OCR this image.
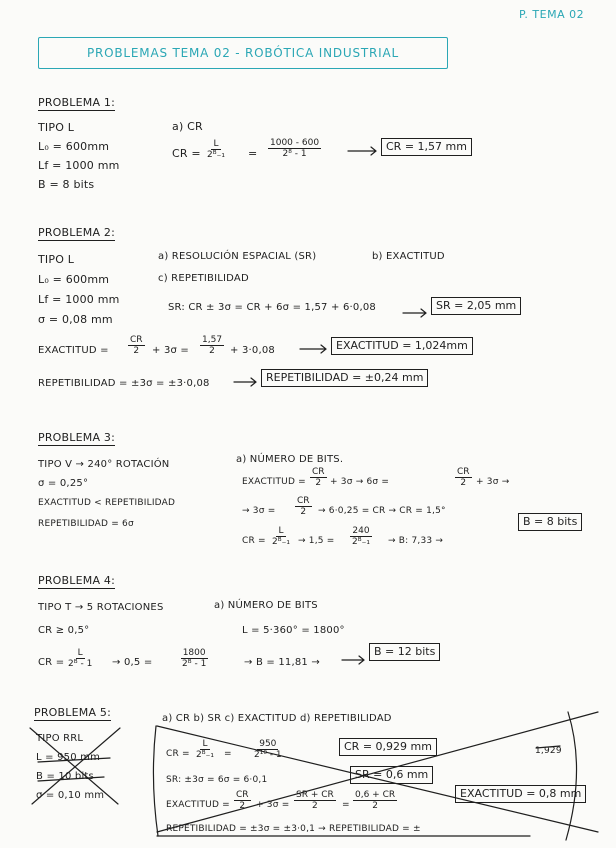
P. TEMA 02
PROBLEMAS TEMA 02 - ROBÓTICA INDUSTRIAL
PROBLEMA 1:
TIPO L
L₀ = 600mm
Lf = 1000 mm
B = 8 bits
a) CR
CR = $\frac{L}{\text{2ᴮ₋₁}} = \frac{1000 - 600}{\text{2⁸ - 1}}$	CR = 1,57 mm
PROBLEMA 2:
TIPO L
L₀ = 600mm
Lf = 1000 mm
σ = 0,08 mm
a) RESOLUCIÓN ESPACIAL (SR)	b) EXACTITUD
c) REPETIBILIDAD
SR: CR ± 3σ = CR + 6σ = 1,57 + 6·0,08	SR = 2,05 mm
EXACTITUD = $\frac{CR}{2} + 3\sigma = \frac{1,57}{2} + 3\cdot 0,08$	EXACTITUD = 1,024mm
REPETIBILIDAD = ±3σ = ±3·0,08	REPETIBILIDAD = ±0,24 mm
PROBLEMA 3:
TIPO V → 240° ROTACIÓN
σ = 0,25°
EXACTITUD < REPETIBILIDAD
REPETIBILIDAD = 6σ
a) NÚMERO DE BITS.
EXACTITUD = $\frac{CR}{2} + 3\sigma \to 6\sigma$ =	$\frac{CR}{2} + 3\sigma$ →
→ $3\sigma = \frac{CR}{2} \to 6\cdot 0,25$ = CR → CR = 1,5°
CR = $\frac{L}{\text{2ᴮ₋₁}} \to 1,5 = \frac{240}{\text{2ᴮ₋₁}} \to B$: 7,33 →
B = 8 bits
PROBLEMA 4:
TIPO T → 5 ROTACIONES
CR ≥ 0,5°
a) NÚMERO DE BITS
L = 5·360° = 1800°
CR = $\frac{L}{\text{2ᴮ - 1}} \to 0,5$ =	$\frac{1800}{\text{2ᴮ - 1}}$	→ B = 11,81 →
B = 12 bits
PROBLEMA 5:
TIPO RRL
L = 950 mm
B = 10 bits
σ = 0,10 mm
a) CR b) SR c) EXACTITUD d) REPETIBILIDAD
CR = $\frac{L}{\text{2ᴮ₋₁}} = \frac{950}{\text{2¹⁰ - 1}}$	CR = 0,929 mm	1,929
SR: ±3σ = 6σ = 6·0,1	SR = 0,6 mm
EXACTITUD = $\frac{CR}{2} + 3\sigma = \frac{SR + CR}{2} = \frac{0,6 + CR}{2}$	EXACTITUD = 0,8 mm
REPETIBILIDAD = ±3σ = ±3·0,1 → REPETIBILIDAD = ±
